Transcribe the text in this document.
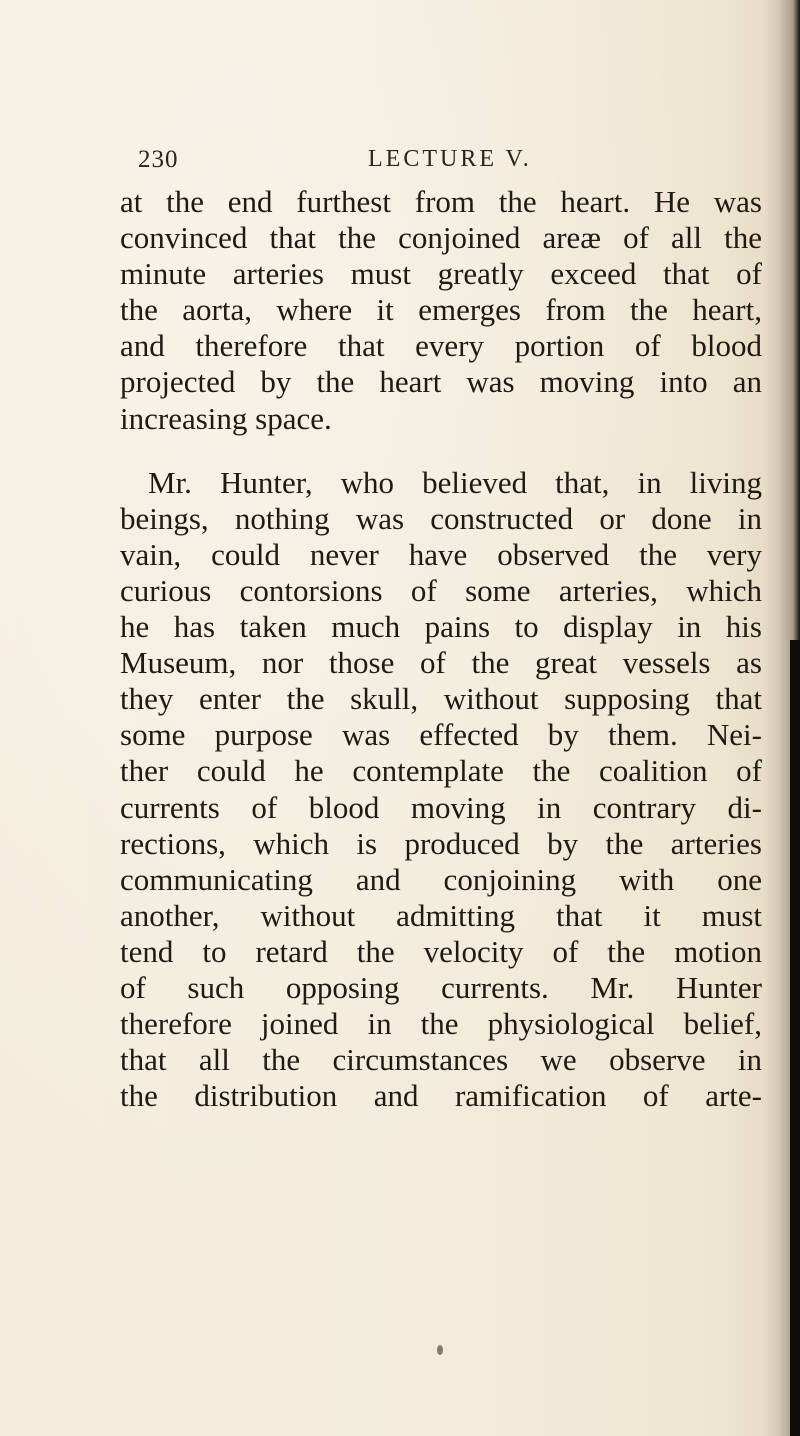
230	LECTURE V.
at the end furthest from the heart. He was
convinced that the conjoined areæ of all the
minute arteries must greatly exceed that of
the aorta, where it emerges from the heart,
and therefore that every portion of blood
projected by the heart was moving into an
increasing space.
Mr. Hunter, who believed that, in living
beings, nothing was constructed or done in
vain, could never have observed the very
curious contorsions of some arteries, which
he has taken much pains to display in his
Museum, nor those of the great vessels as
they enter the skull, without supposing that
some purpose was effected by them. Nei-
ther could he contemplate the coalition of
currents of blood moving in contrary di-
rections, which is produced by the arteries
communicating and conjoining with one
another, without admitting that it must
tend to retard the velocity of the motion
of such opposing currents. Mr. Hunter
therefore joined in the physiological belief,
that all the circumstances we observe in
the distribution and ramification of arte-
